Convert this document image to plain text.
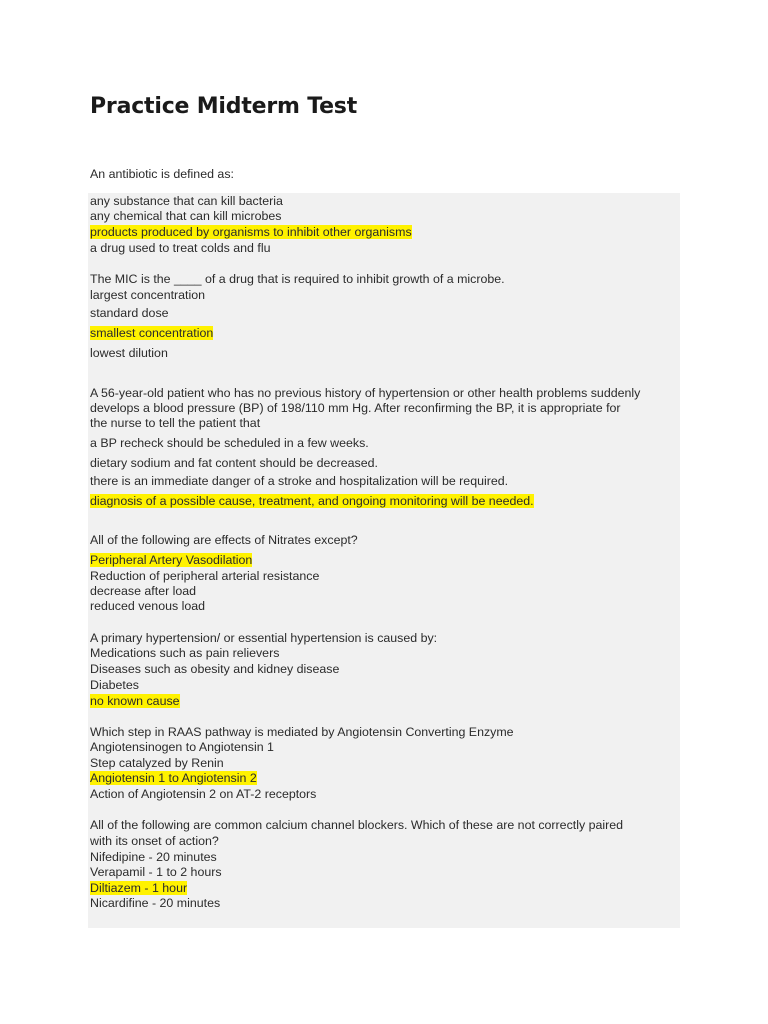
Practice Midterm Test
An antibiotic is defined as:
any substance that can kill bacteria
any chemical that can kill microbes
products produced by organisms to inhibit other organisms
a drug used to treat colds and flu
The MIC is the ____ of a drug that is required to inhibit growth of a microbe.
largest concentration
standard dose
smallest concentration
lowest dilution
A 56-year-old patient who has no previous history of hypertension or other health problems suddenly
develops a blood pressure (BP) of 198/110 mm Hg. After reconfirming the BP, it is appropriate for
the nurse to tell the patient that
a BP recheck should be scheduled in a few weeks.
dietary sodium and fat content should be decreased.
there is an immediate danger of a stroke and hospitalization will be required.
diagnosis of a possible cause, treatment, and ongoing monitoring will be needed.
All of the following are effects of Nitrates except?
Peripheral Artery Vasodilation
Reduction of peripheral arterial resistance
decrease after load
reduced venous load
A primary hypertension/ or essential hypertension is caused by:
Medications such as pain relievers
Diseases such as obesity and kidney disease
Diabetes
no known cause
Which step in RAAS pathway is mediated by Angiotensin Converting Enzyme
Angiotensinogen to Angiotensin 1
Step catalyzed by Renin
Angiotensin 1 to Angiotensin 2
Action of Angiotensin 2 on AT-2 receptors
All of the following are common calcium channel blockers. Which of these are not correctly paired
with its onset of action?
Nifedipine - 20 minutes
Verapamil - 1 to 2 hours
Diltiazem - 1 hour
Nicardifine - 20 minutes
